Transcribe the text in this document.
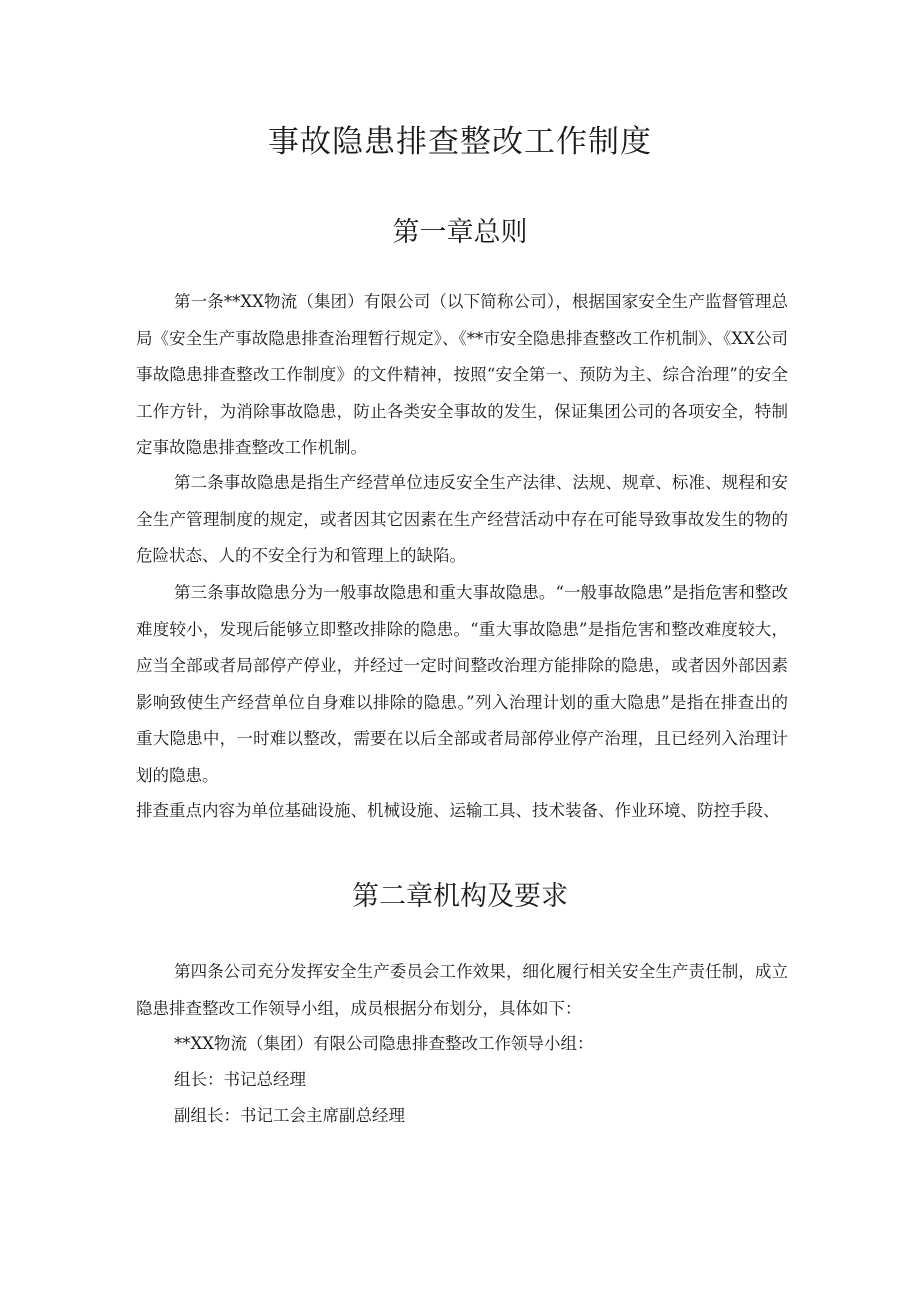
事故隐患排查整改工作制度
第一章总则

第一条**XX物流（集团）有限公司（以下简称公司），根据国家安全生产监督管理总局《安全生产事故隐患排查治理暂行规定》、《**市安全隐患排查整改工作机制》、《XX公司事故隐患排查整改工作制度》的文件精神，按照“安全第一、预防为主、综合治理”的安全工作方针，为消除事故隐患，防止各类安全事故的发生，保证集团公司的各项安全，特制定事故隐患排查整改工作机制。

第二条事故隐患是指生产经营单位违反安全生产法律、法规、规章、标准、规程和安全生产管理制度的规定，或者因其它因素在生产经营活动中存在可能导致事故发生的物的危险状态、人的不安全行为和管理上的缺陷。

第三条事故隐患分为一般事故隐患和重大事故隐患。“一般事故隐患”是指危害和整改难度较小，发现后能够立即整改排除的隐患。“重大事故隐患”是指危害和整改难度较大，应当全部或者局部停产停业，并经过一定时间整改治理方能排除的隐患，或者因外部因素影响致使生产经营单位自身难以排除的隐患。”列入治理计划的重大隐患”是指在排查出的重大隐患中，一时难以整改，需要在以后全部或者局部停业停产治理，且已经列入治理计划的隐患。

排查重点内容为单位基础设施、机械设施、运输工具、技术装备、作业环境、防控手段、

第二章机构及要求

第四条公司充分发挥安全生产委员会工作效果，细化履行相关安全生产责任制，成立隐患排查整改工作领导小组，成员根据分布划分，具体如下：

**XX物流（集团）有限公司隐患排查整改工作领导小组：

组长：书记总经理

副组长：书记工会主席副总经理
